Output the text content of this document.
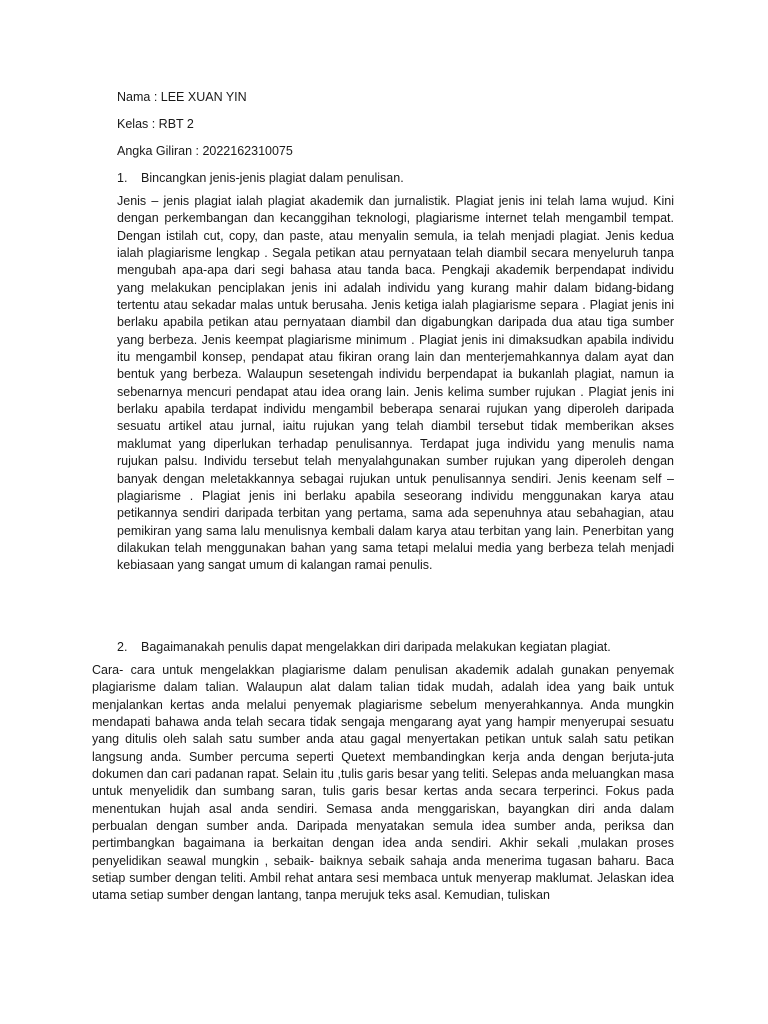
Nama : LEE XUAN YIN
Kelas : RBT 2
Angka Giliran : 2022162310075
1. Bincangkan jenis-jenis plagiat dalam penulisan.

Jenis – jenis plagiat ialah plagiat akademik dan jurnalistik. Plagiat jenis ini telah lama wujud. Kini dengan perkembangan dan kecanggihan teknologi, plagiarisme internet telah mengambil tempat. Dengan istilah cut, copy, dan paste, atau menyalin semula, ia telah menjadi plagiat. Jenis kedua ialah plagiarisme lengkap . Segala petikan atau pernyataan telah diambil secara menyeluruh tanpa mengubah apa-apa dari segi bahasa atau tanda baca. Pengkaji akademik berpendapat individu yang melakukan penciplakan jenis ini adalah individu yang kurang mahir dalam bidang-bidang tertentu atau sekadar malas untuk berusaha. Jenis ketiga ialah plagiarisme separa . Plagiat jenis ini berlaku apabila petikan atau pernyataan diambil dan digabungkan daripada dua atau tiga sumber yang berbeza. Jenis keempat plagiarisme minimum . Plagiat jenis ini dimaksudkan apabila individu itu mengambil konsep, pendapat atau fikiran orang lain dan menterjemahkannya dalam ayat dan bentuk yang berbeza. Walaupun sesetengah individu berpendapat ia bukanlah plagiat, namun ia sebenarnya mencuri pendapat atau idea orang lain. Jenis kelima sumber rujukan . Plagiat jenis ini berlaku apabila terdapat individu mengambil beberapa senarai rujukan yang diperoleh daripada sesuatu artikel atau jurnal, iaitu rujukan yang telah diambil tersebut tidak memberikan akses maklumat yang diperlukan terhadap penulisannya. Terdapat juga individu yang menulis nama rujukan palsu. Individu tersebut telah menyalahgunakan sumber rujukan yang diperoleh dengan banyak dengan meletakkannya sebagai rujukan untuk penulisannya sendiri. Jenis keenam self – plagiarisme . Plagiat jenis ini berlaku apabila seseorang individu menggunakan karya atau petikannya sendiri daripada terbitan yang pertama, sama ada sepenuhnya atau sebahagian, atau pemikiran yang sama lalu menulisnya kembali dalam karya atau terbitan yang lain. Penerbitan yang dilakukan telah menggunakan bahan yang sama tetapi melalui media yang berbeza telah menjadi kebiasaan yang sangat umum di kalangan ramai penulis.

2. Bagaimanakah penulis dapat mengelakkan diri daripada melakukan kegiatan plagiat.

Cara- cara untuk mengelakkan plagiarisme dalam penulisan akademik adalah gunakan penyemak plagiarisme dalam talian. Walaupun alat dalam talian tidak mudah, adalah idea yang baik untuk menjalankan kertas anda melalui penyemak plagiarisme sebelum menyerahkannya. Anda mungkin mendapati bahawa anda telah secara tidak sengaja mengarang ayat yang hampir menyerupai sesuatu yang ditulis oleh salah satu sumber anda atau gagal menyertakan petikan untuk salah satu petikan langsung anda. Sumber percuma seperti Quetext membandingkan kerja anda dengan berjuta-juta dokumen dan cari padanan rapat. Selain itu ,tulis garis besar yang teliti. Selepas anda meluangkan masa untuk menyelidik dan sumbang saran, tulis garis besar kertas anda secara terperinci. Fokus pada menentukan hujah asal anda sendiri. Semasa anda menggariskan, bayangkan diri anda dalam perbualan dengan sumber anda. Daripada menyatakan semula idea sumber anda, periksa dan pertimbangkan bagaimana ia berkaitan dengan idea anda sendiri. Akhir sekali ,mulakan proses penyelidikan seawal mungkin , sebaik- baiknya sebaik sahaja anda menerima tugasan baharu. Baca setiap sumber dengan teliti. Ambil rehat antara sesi membaca untuk menyerap maklumat. Jelaskan idea utama setiap sumber dengan lantang, tanpa merujuk teks asal. Kemudian, tuliskan
